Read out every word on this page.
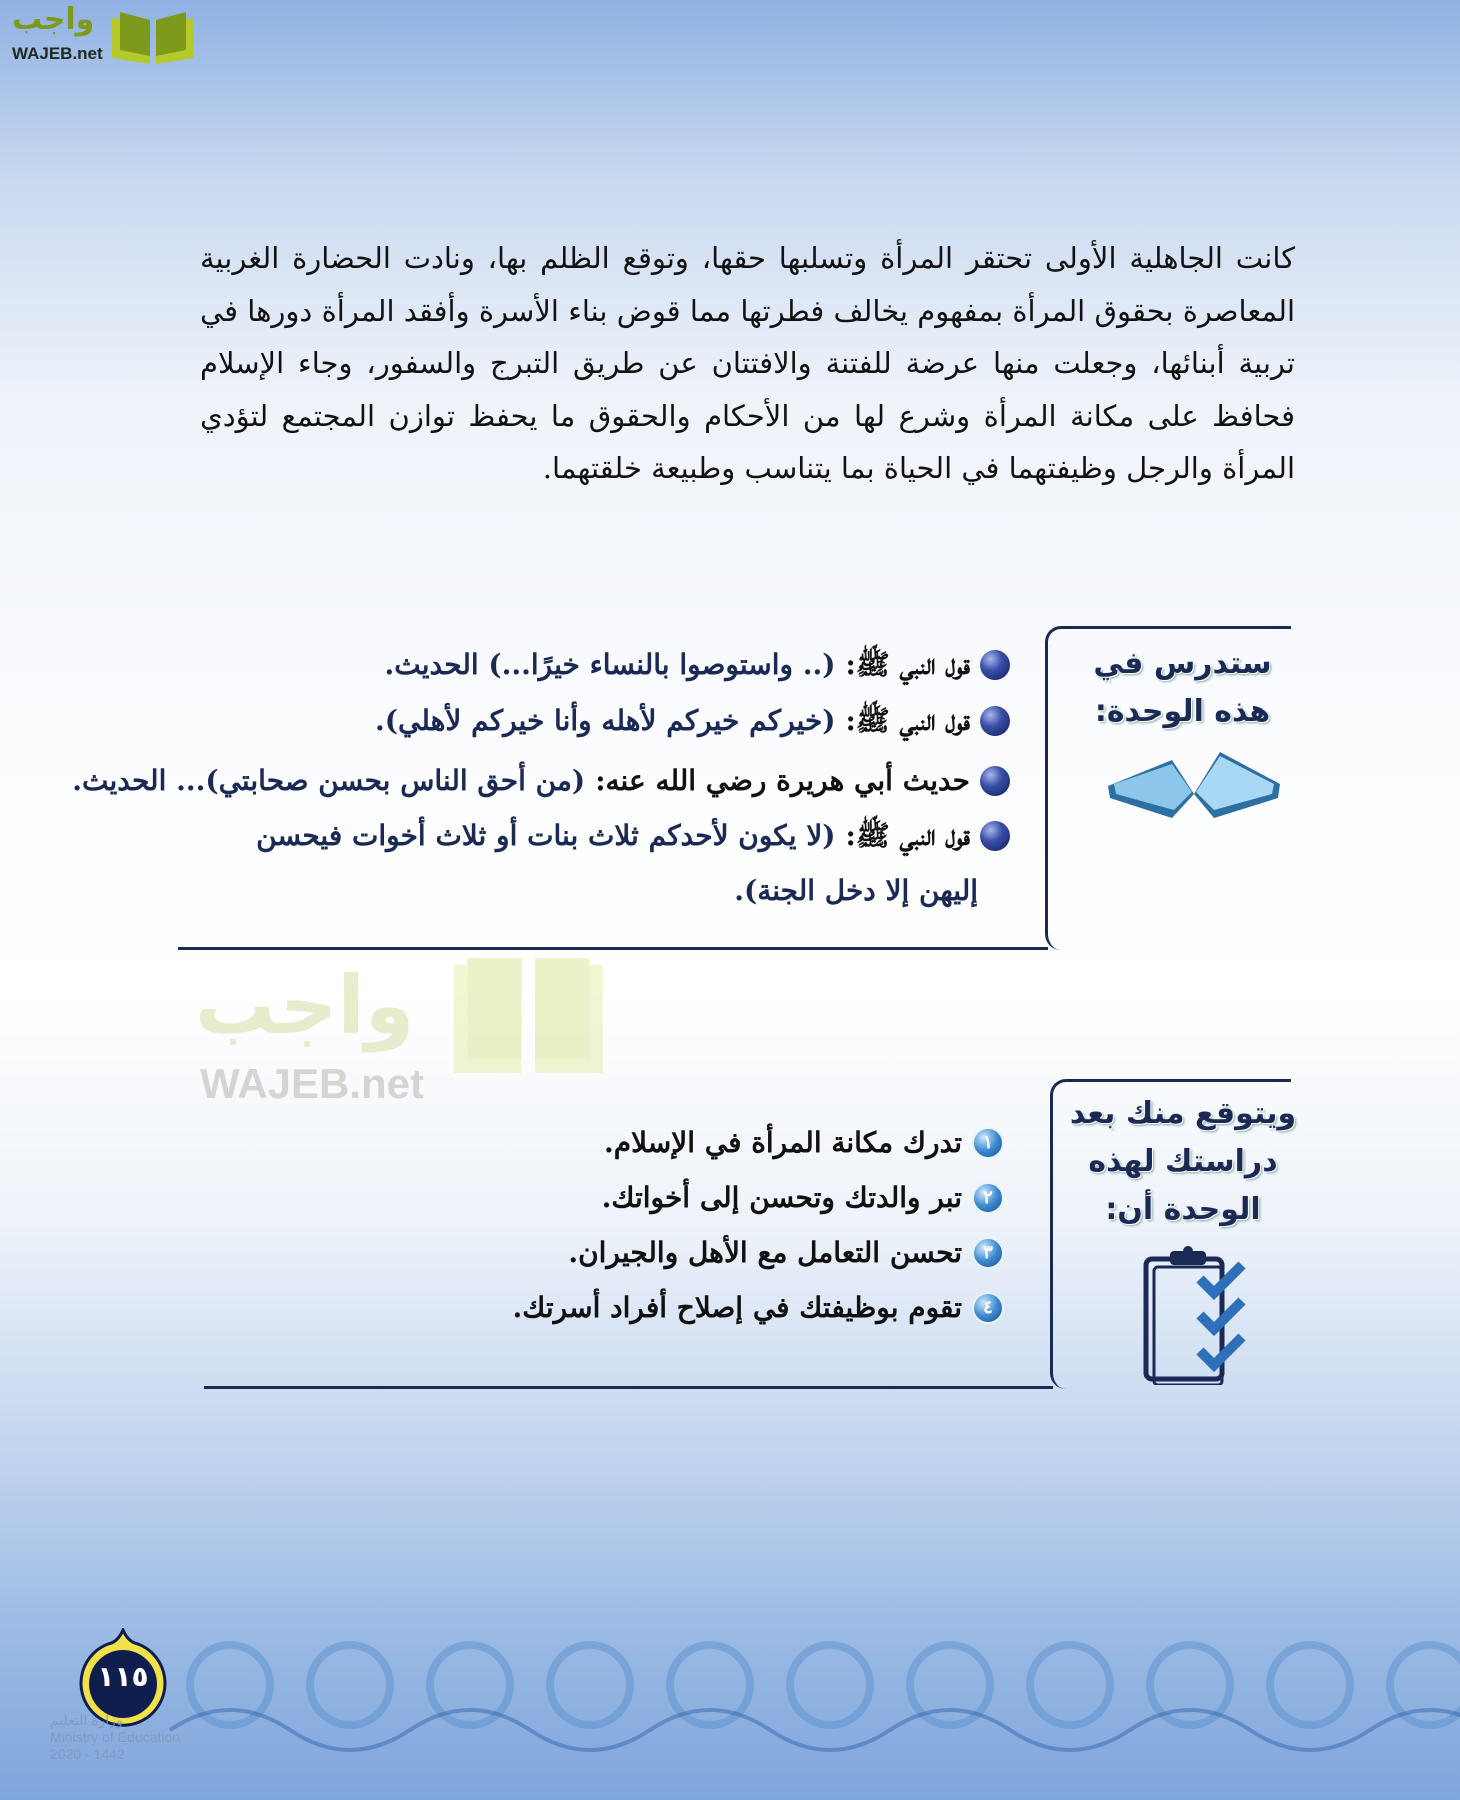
واجب
WAJEB.net

كانت الجاهلية الأولى تحتقر المرأة وتسلبها حقها، وتوقع الظلم بها، ونادت الحضارة الغربية المعاصرة بحقوق المرأة بمفهوم يخالف فطرتها مما قوض بناء الأسرة وأفقد المرأة دورها في تربية أبنائها، وجعلت منها عرضة للفتنة والافتتان عن طريق التبرج والسفور، وجاء الإسلام فحافظ على مكانة المرأة وشرع لها من الأحكام والحقوق ما يحفظ توازن المجتمع لتؤدي المرأة والرجل وظيفتهما في الحياة بما يتناسب وطبيعة خلقتهما.

واجب
WAJEB.net
ستدرس في
هذه الوحدة:
قول النبي ﷺ:
(.. واستوصوا بالنساء خيرًا...) الحديث.
قول النبي ﷺ:
(خيركم خيركم لأهله وأنا خيركم لأهلي).
حديث أبي هريرة رضي الله عنه:
(من أحق الناس بحسن صحابتي)... الحديث.
قول النبي ﷺ:
(لا يكون لأحدكم ثلاث بنات أو ثلاث أخوات فيحسن
إليهن إلا دخل الجنة).
ويتوقع منك بعد
دراستك لهذه
الوحدة أن:
١
تدرك مكانة المرأة في الإسلام.
٢
تبر والدتك وتحسن إلى أخواتك.
٣
تحسن التعامل مع الأهل والجيران.
٤
تقوم بوظيفتك في إصلاح أفراد أسرتك.
١١٥
وزارة التعليم
Ministry of Education
2020 - 1442
